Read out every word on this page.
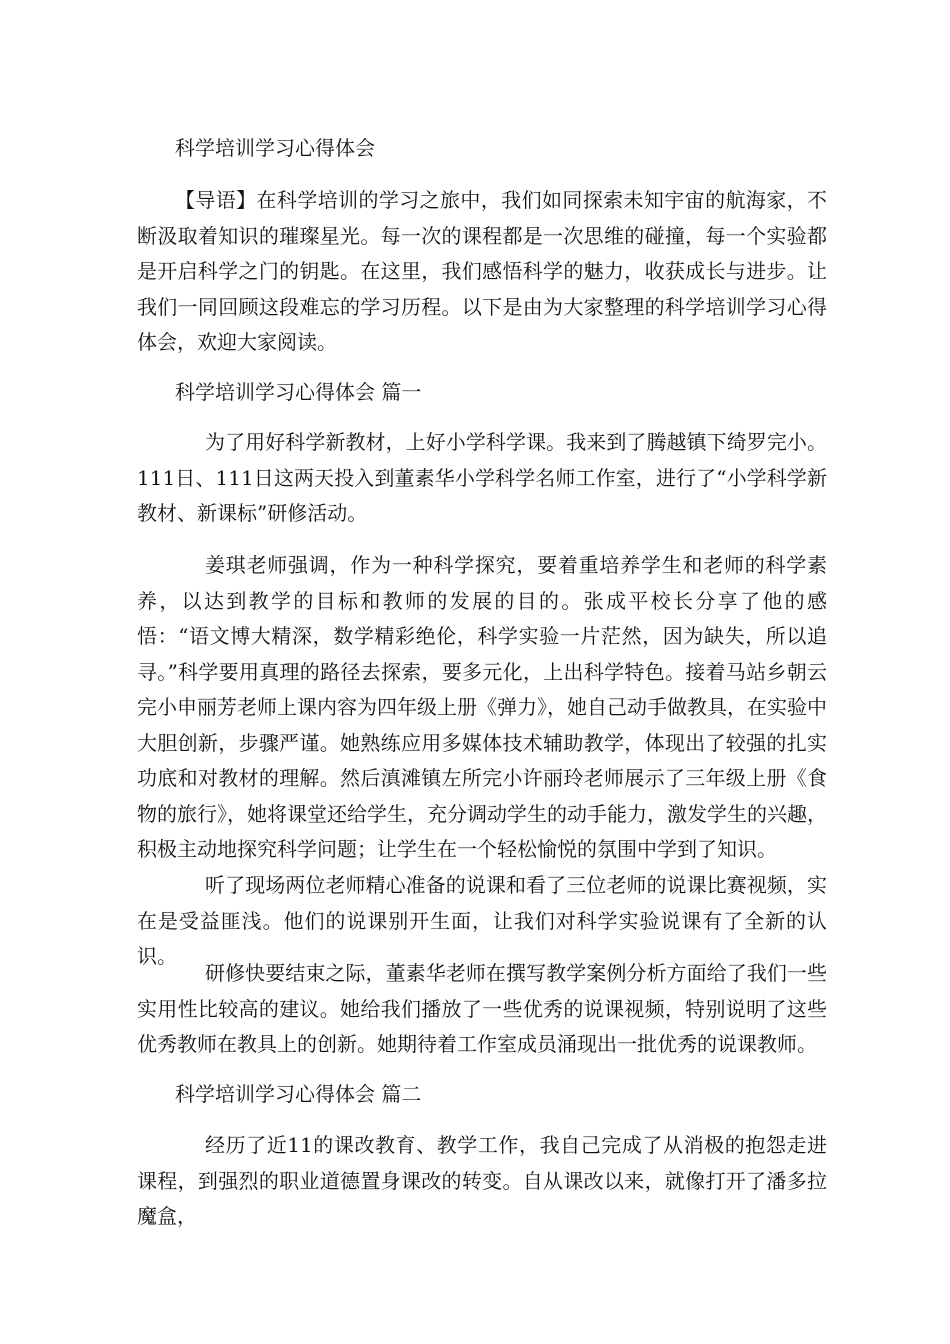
科学培训学习心得体会

【导语】在科学培训的学习之旅中，我们如同探索未知宇宙的航海家，不断汲取着知识的璀璨星光。每一次的课程都是一次思维的碰撞，每一个实验都是开启科学之门的钥匙。在这里，我们感悟科学的魅力，收获成长与进步。让我们一同回顾这段难忘的学习历程。以下是由为大家整理的科学培训学习心得体会，欢迎大家阅读。

科学培训学习心得体会 篇一

为了用好科学新教材，上好小学科学课。我来到了腾越镇下绮罗完小。111日、111日这两天投入到董素华小学科学名师工作室，进行了“小学科学新教材、新课标”研修活动。

姜琪老师强调，作为一种科学探究，要着重培养学生和老师的科学素养，以达到教学的目标和教师的发展的目的。张成平校长分享了他的感悟：“语文博大精深，数学精彩绝伦，科学实验一片茫然，因为缺失，所以追寻。”科学要用真理的路径去探索，要多元化，上出科学特色。接着马站乡朝云完小申丽芳老师上课内容为四年级上册《弹力》，她自己动手做教具，在实验中大胆创新，步骤严谨。她熟练应用多媒体技术辅助教学，体现出了较强的扎实功底和对教材的理解。然后滇滩镇左所完小许丽玲老师展示了三年级上册《食物的旅行》，她将课堂还给学生，充分调动学生的动手能力，激发学生的兴趣，积极主动地探究科学问题；让学生在一个轻松愉悦的氛围中学到了知识。

听了现场两位老师精心准备的说课和看了三位老师的说课比赛视频，实在是受益匪浅。他们的说课别开生面，让我们对科学实验说课有了全新的认识。

研修快要结束之际，董素华老师在撰写教学案例分析方面给了我们一些实用性比较高的建议。她给我们播放了一些优秀的说课视频，特别说明了这些优秀教师在教具上的创新。她期待着工作室成员涌现出一批优秀的说课教师。

科学培训学习心得体会 篇二

经历了近11的课改教育、教学工作，我自己完成了从消极的抱怨走进课程，到强烈的职业道德置身课改的转变。自从课改以来，就像打开了潘多拉魔盒，
